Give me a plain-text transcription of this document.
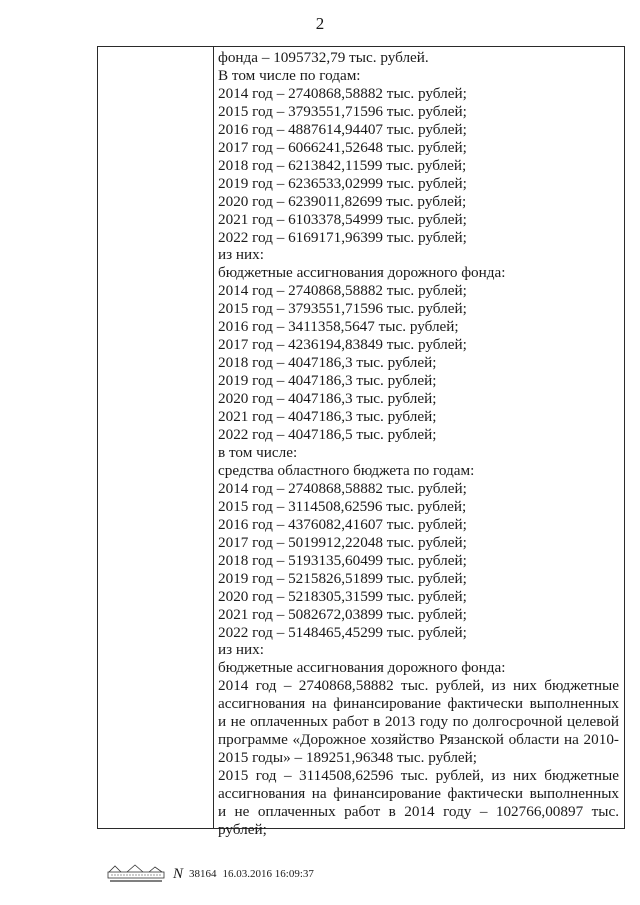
2
фонда – 1095732,79 тыс. рублей.
В том числе по годам:
2014 год – 2740868,58882 тыс. рублей;
2015 год – 3793551,71596 тыс. рублей;
2016 год – 4887614,94407 тыс. рублей;
2017 год – 6066241,52648 тыс. рублей;
2018 год – 6213842,11599 тыс. рублей;
2019 год – 6236533,02999 тыс. рублей;
2020 год – 6239011,82699 тыс. рублей;
2021 год – 6103378,54999 тыс. рублей;
2022 год – 6169171,96399 тыс. рублей;
из них:
бюджетные ассигнования дорожного фонда:
2014 год – 2740868,58882 тыс. рублей;
2015 год – 3793551,71596 тыс. рублей;
2016 год – 3411358,5647 тыс. рублей;
2017 год – 4236194,83849 тыс. рублей;
2018 год – 4047186,3 тыс. рублей;
2019 год – 4047186,3 тыс. рублей;
2020 год – 4047186,3 тыс. рублей;
2021 год – 4047186,3 тыс. рублей;
2022 год – 4047186,5 тыс. рублей;
в том числе:
средства областного бюджета по годам:
2014 год – 2740868,58882 тыс. рублей;
2015 год – 3114508,62596 тыс. рублей;
2016 год – 4376082,41607 тыс. рублей;
2017 год – 5019912,22048 тыс. рублей;
2018 год – 5193135,60499 тыс. рублей;
2019 год – 5215826,51899 тыс. рублей;
2020 год – 5218305,31599 тыс. рублей;
2021 год – 5082672,03899 тыс. рублей;
2022 год – 5148465,45299 тыс. рублей;
из них:
бюджетные ассигнования дорожного фонда:
2014 год – 2740868,58882 тыс. рублей, из них бюджетные ассигнования на финансирование фактически выполненных и не оплаченных работ в 2013 году по долгосрочной целевой программе «Дорожное хозяйство Рязанской области на 2010-2015 годы» – 189251,96348 тыс. рублей;
2015 год – 3114508,62596 тыс. рублей, из них бюджетные ассигнования на финансирование фактически выполненных и не оплаченных работ в 2014 году – 102766,00897 тыс. рублей;
N 38164 16.03.2016 16:09:37
